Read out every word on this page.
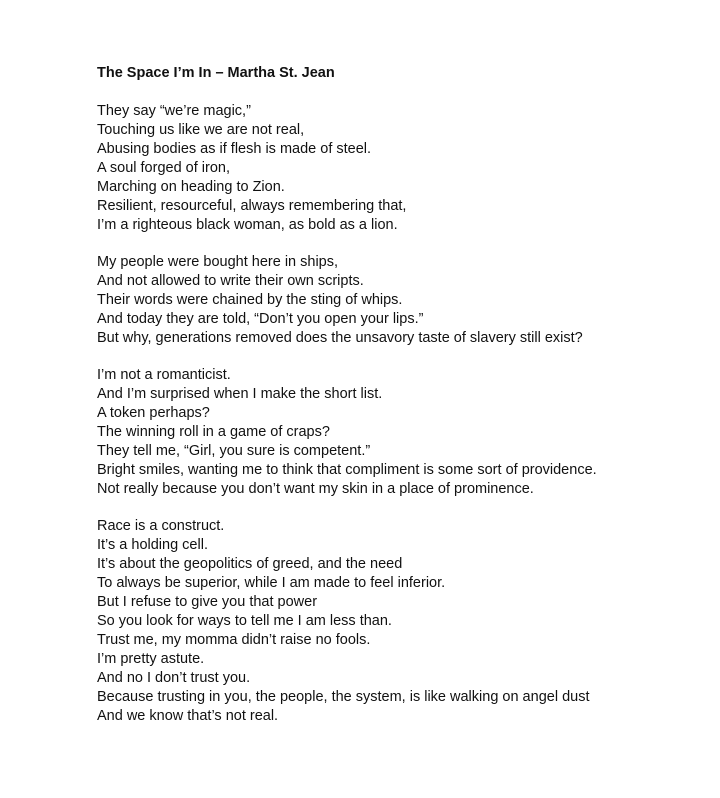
The Space I’m In – Martha St. Jean
They say “we’re magic,”
Touching us like we are not real,
Abusing bodies as if flesh is made of steel.
A soul forged of iron,
Marching on heading to Zion.
Resilient, resourceful, always remembering that,
I’m a righteous black woman, as bold as a lion.
My people were bought here in ships,
And not allowed to write their own scripts.
Their words were chained by the sting of whips.
And today they are told, “Don’t you open your lips.”
But why, generations removed does the unsavory taste of slavery still exist?
I’m not a romanticist.
And I’m surprised when I make the short list.
A token perhaps?
The winning roll in a game of craps?
They tell me, “Girl, you sure is competent.”
Bright smiles, wanting me to think that compliment is some sort of providence.
Not really because you don’t want my skin in a place of prominence.
Race is a construct.
It’s a holding cell.
It’s about the geopolitics of greed, and the need
To always be superior, while I am made to feel inferior.
But I refuse to give you that power
So you look for ways to tell me I am less than.
Trust me, my momma didn’t raise no fools.
I’m pretty astute.
And no I don’t trust you.
Because trusting in you, the people, the system, is like walking on angel dust
And we know that’s not real.
